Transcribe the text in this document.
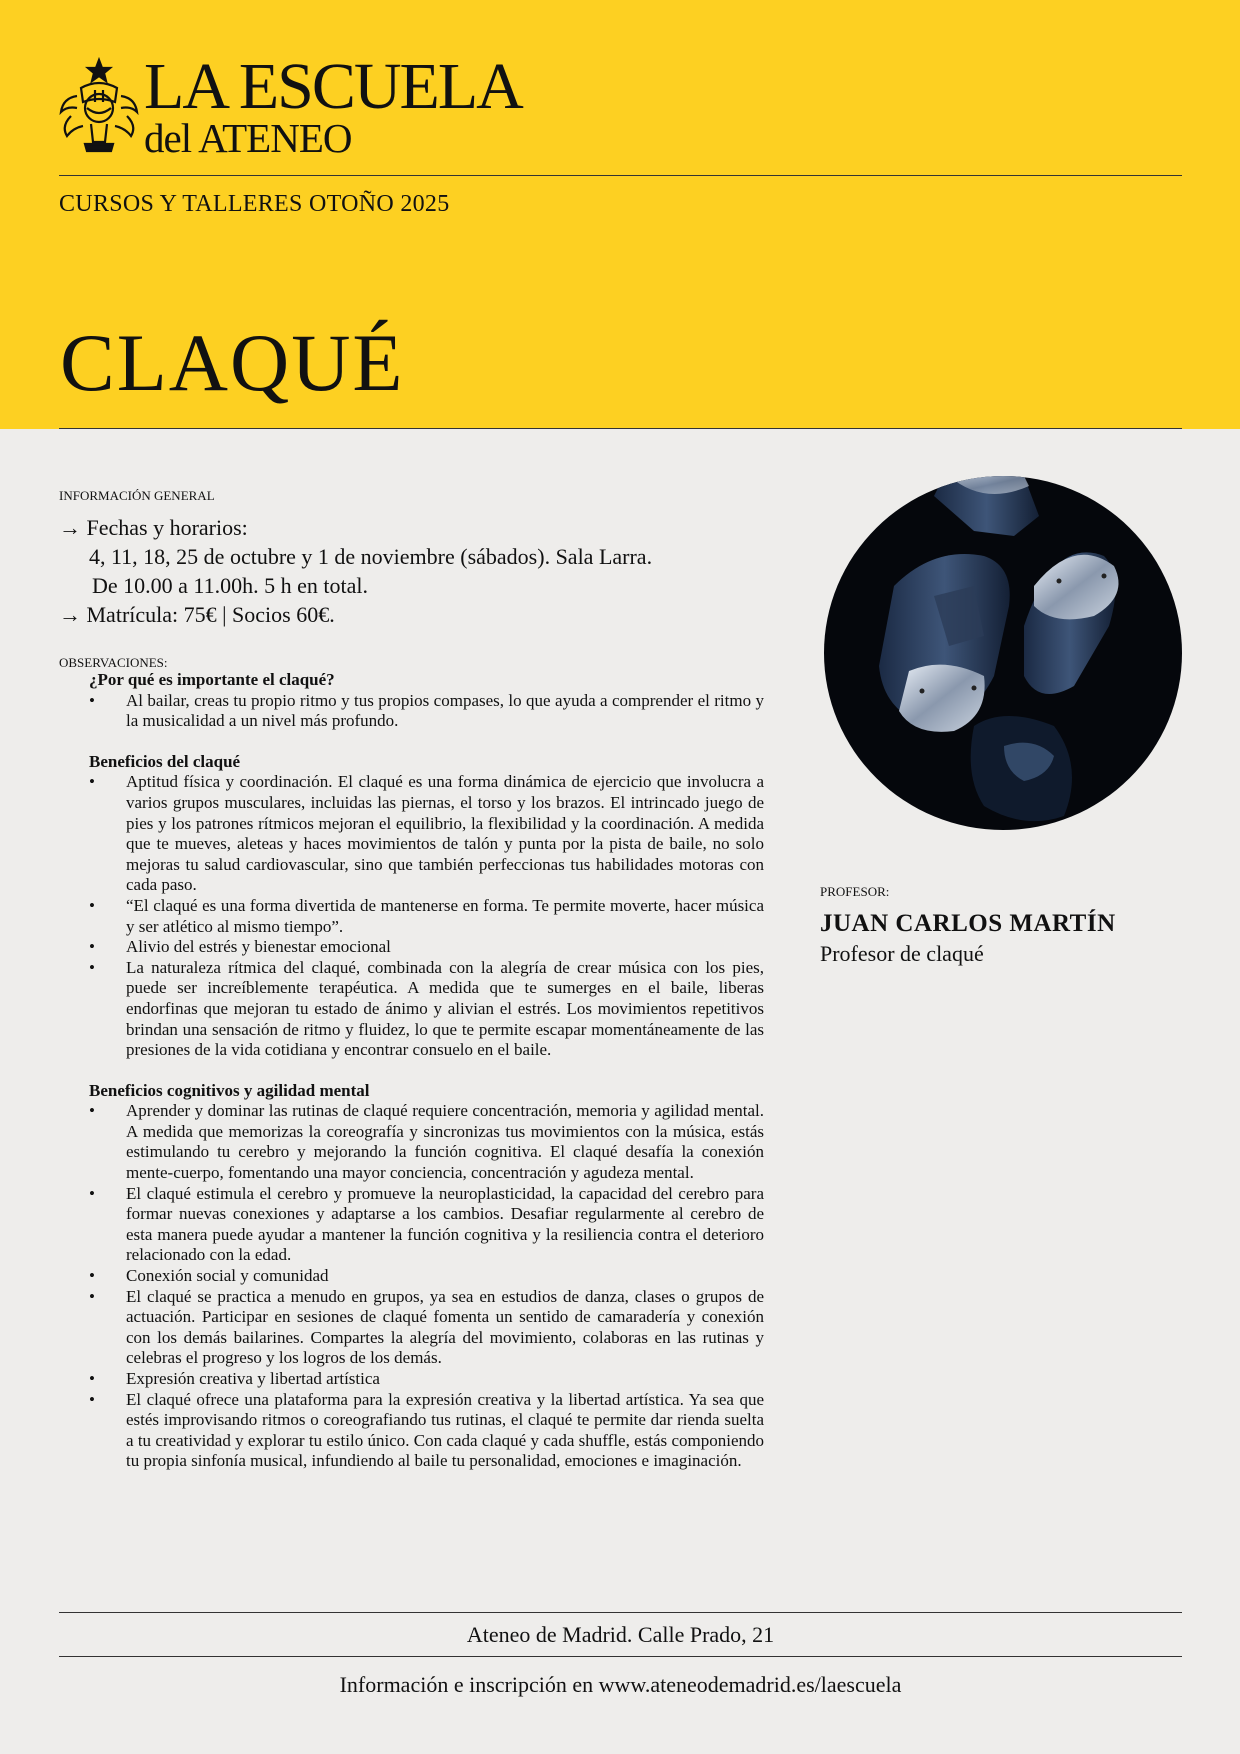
LA ESCUELA
del ATENEO
CURSOS Y TALLERES OTOÑO 2025
CLAQUÉ
INFORMACIÓN GENERAL
→ Fechas y horarios:
4, 11, 18, 25 de octubre y 1 de noviembre (sábados). Sala Larra.
De 10.00 a 11.00h. 5 h en total.
→ Matrícula: 75€ | Socios 60€.
OBSERVACIONES:

¿Por qué es importante el claqué?

• Al bailar, creas tu propio ritmo y tus propios compases, lo que ayuda a comprender el ritmo y la musicalidad a un nivel más profundo.

Beneficios del claqué

• Aptitud física y coordinación. El claqué es una forma dinámica de ejercicio que involucra a varios grupos musculares, incluidas las piernas, el torso y los brazos. El intrincado juego de pies y los patrones rítmicos mejoran el equilibrio, la flexibilidad y la coordinación. A medida que te mueves, aleteas y haces movimientos de talón y punta por la pista de baile, no solo mejoras tu salud cardiovascular, sino que también perfeccionas tus habilidades motoras con cada paso.
• “El claqué es una forma divertida de mantenerse en forma. Te permite moverte, hacer música y ser atlético al mismo tiempo”.
• Alivio del estrés y bienestar emocional
• La naturaleza rítmica del claqué, combinada con la alegría de crear música con los pies, puede ser increíblemente terapéutica. A medida que te sumerges en el baile, liberas endorfinas que mejoran tu estado de ánimo y alivian el estrés. Los movimientos repetitivos brindan una sensación de ritmo y fluidez, lo que te permite escapar momentáneamente de las presiones de la vida cotidiana y encontrar consuelo en el baile.

Beneficios cognitivos y agilidad mental

• Aprender y dominar las rutinas de claqué requiere concentración, memoria y agilidad mental. A medida que memorizas la coreografía y sincronizas tus movimientos con la música, estás estimulando tu cerebro y mejorando la función cognitiva. El claqué desafía la conexión mente-cuerpo, fomentando una mayor conciencia, concentración y agudeza mental.
• El claqué estimula el cerebro y promueve la neuroplasticidad, la capacidad del cerebro para formar nuevas conexiones y adaptarse a los cambios. Desafiar regularmente al cerebro de esta manera puede ayudar a mantener la función cognitiva y la resiliencia contra el deterioro relacionado con la edad.
• Conexión social y comunidad
• El claqué se practica a menudo en grupos, ya sea en estudios de danza, clases o grupos de actuación. Participar en sesiones de claqué fomenta un sentido de camaradería y conexión con los demás bailarines. Compartes la alegría del movimiento, colaboras en las rutinas y celebras el progreso y los logros de los demás.
• Expresión creativa y libertad artística
• El claqué ofrece una plataforma para la expresión creativa y la libertad artística. Ya sea que estés improvisando ritmos o coreografiando tus rutinas, el claqué te permite dar rienda suelta a tu creatividad y explorar tu estilo único. Con cada claqué y cada shuffle, estás componiendo tu propia sinfonía musical, infundiendo al baile tu personalidad, emociones e imaginación.
PROFESOR:
JUAN CARLOS MARTÍN
Profesor de claqué
Ateneo de Madrid. Calle Prado, 21
Información e inscripción en www.ateneodemadrid.es/laescuela
